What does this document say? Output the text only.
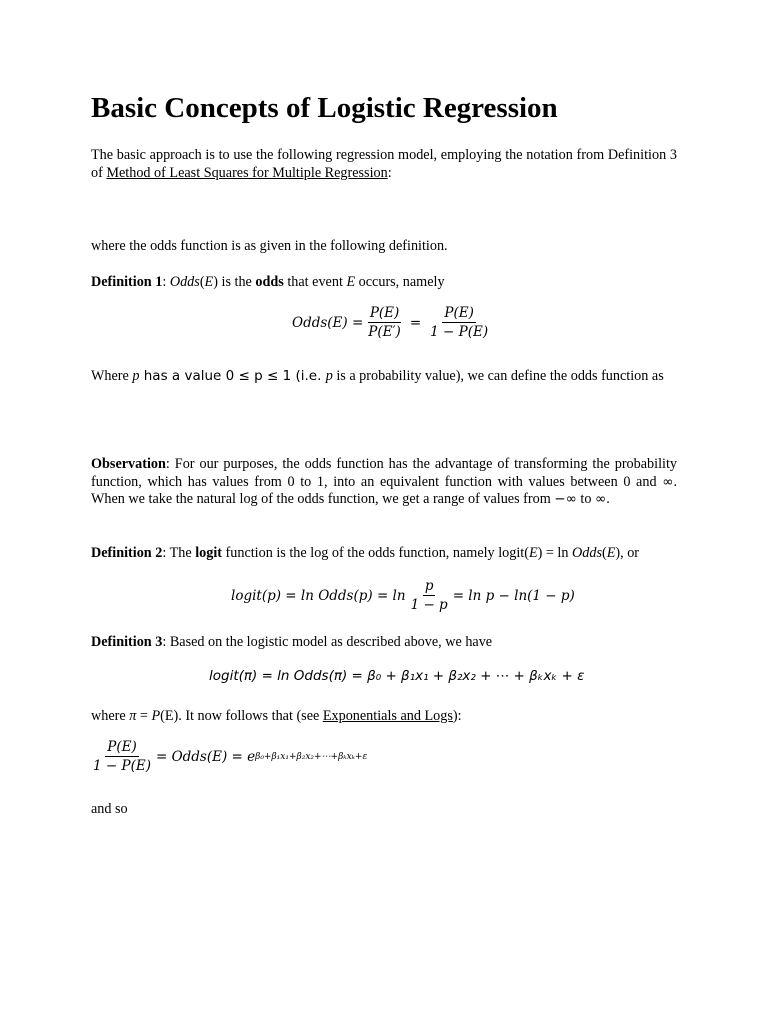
Basic Concepts of Logistic Regression

The basic approach is to use the following regression model, employing the notation from Definition 3 of Method of Least Squares for Multiple Regression:

where the odds function is as given in the following definition.

Definition 1: Odds(E) is the odds that event E occurs, namely

Odds(E) = $\frac{P(E)}{P(E')} = \frac{P(E)}{1 - P(E)}$

Where p has a value 0 ≤ p ≤ 1 (i.e. p is a probability value), we can define the odds function as

Observation: For our purposes, the odds function has the advantage of transforming the probability function, which has values from 0 to 1, into an equivalent function with values between 0 and ∞. When we take the natural log of the odds function, we get a range of values from −∞ to ∞.

Definition 2: The logit function is the log of the odds function, namely logit(E) = ln Odds(E), or

logit(p) = ln Odds(p) = $\ln \frac{p}{1 - p} = \ln p - \ln(1 - p)$

Definition 3: Based on the logistic model as described above, we have

logit(π) = ln Odds(π) = β₀ + β₁x₁ + β₂x₂ + ⋯ + βₖxₖ + ε

where π = P(E). It now follows that (see Exponentials and Logs):

$\frac{P(E)}{1 - P(E)}$ = Odds(E) = e β₀+β₁x₁+β₂x₂+⋯+βₖxₖ+ε

and so
